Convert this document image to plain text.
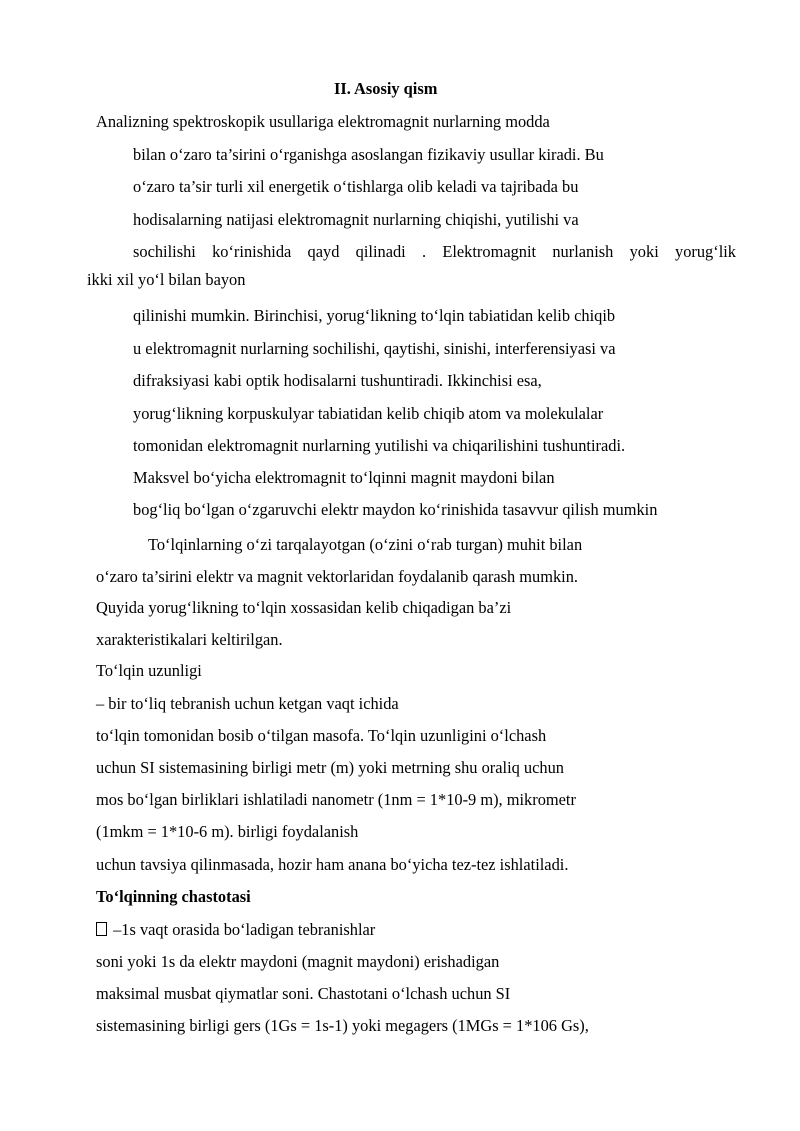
II. Asosiy qism

Analizning spektroskopik usullariga elektromagnit nurlarning modda

bilan o‘zaro ta’sirini o‘rganishga asoslangan fizikaviy usullar kiradi. Bu

o‘zaro ta’sir turli xil energetik o‘tishlarga olib keladi va tajribada bu

hodisalarning natijasi elektromagnit nurlarning chiqishi, yutilishi va

sochilishi ko‘rinishida qayd qilinadi . Elektromagnit nurlanish yoki yorug‘lik

ikki xil yo‘l bilan bayon

qilinishi mumkin. Birinchisi, yorug‘likning to‘lqin tabiatidan kelib chiqib

u elektromagnit nurlarning sochilishi, qaytishi, sinishi, interferensiyasi va

difraksiyasi kabi optik hodisalarni tushuntiradi. Ikkinchisi esa,

yorug‘likning korpuskulyar tabiatidan kelib chiqib atom va molekulalar

tomonidan elektromagnit nurlarning yutilishi va chiqarilishini tushuntiradi.

Maksvel bo‘yicha elektromagnit to‘lqinni magnit maydoni bilan

bog‘liq bo‘lgan o‘zgaruvchi elektr maydon ko‘rinishida tasavvur qilish mumkin

To‘lqinlarning o‘zi tarqalayotgan (o‘zini o‘rab turgan) muhit bilan

o‘zaro ta’sirini elektr va magnit vektorlaridan foydalanib qarash mumkin.

Quyida yorug‘likning to‘lqin xossasidan kelib chiqadigan ba’zi

xarakteristikalari keltirilgan.

To‘lqin uzunligi

– bir to‘liq tebranish uchun ketgan vaqt ichida

to‘lqin tomonidan bosib o‘tilgan masofa. To‘lqin uzunligini o‘lchash

uchun SI sistemasining birligi metr (m) yoki metrning shu oraliq uchun

mos bo‘lgan birliklari ishlatiladi nanometr (1nm = 1*10-9 m), mikrometr

(1mkm = 1*10-6 m). birligi foydalanish

uchun tavsiya qilinmasada, hozir ham anana bo‘yicha tez-tez ishlatiladi.

To‘lqinning chastotasi

–1s vaqt orasida bo‘ladigan tebranishlar

soni yoki 1s da elektr maydoni (magnit maydoni) erishadigan

maksimal musbat qiymatlar soni. Chastotani o‘lchash uchun SI

sistemasining birligi gers (1Gs = 1s-1) yoki megagers (1MGs = 1*106 Gs),
